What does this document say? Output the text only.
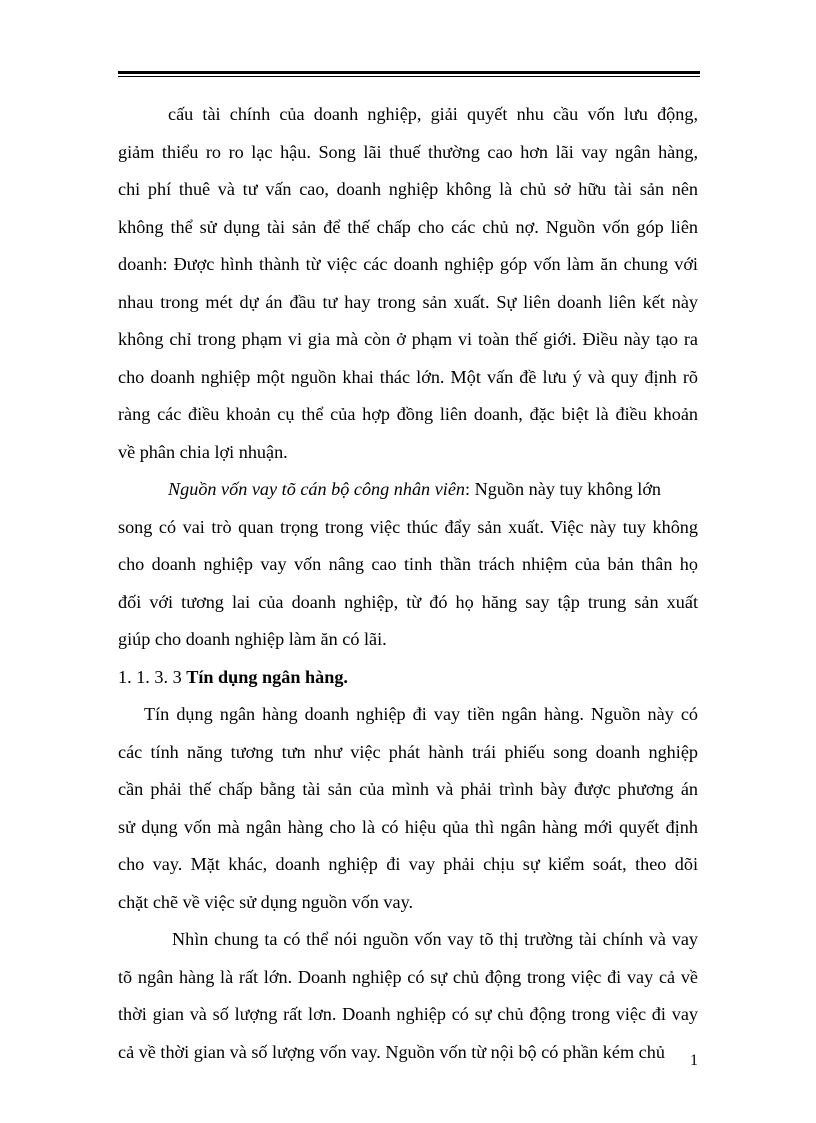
cấu tài chính của doanh nghiệp, giải quyết nhu cầu vốn lưu động,
giảm thiểu ro ro lạc hậu. Song lãi thuế thường cao hơn lãi vay ngân hàng,
chi phí thuê và tư vấn cao, doanh nghiệp không là chủ sở hữu tài sản nên
không thể sử dụng tài sản để thế chấp cho các chủ nợ. Nguồn vốn góp liên
doanh: Được hình thành từ việc các doanh nghiệp góp vốn làm ăn chung với
nhau trong mét dự án đầu tư hay trong sản xuất. Sự liên doanh liên kết này
không chỉ trong phạm vi gia mà còn ở phạm vi toàn thế giới. Điều này tạo ra
cho doanh nghiệp một nguồn khai thác lớn. Một vấn đề lưu ý và quy định rõ
ràng các điều khoản cụ thể của hợp đồng liên doanh, đặc biệt là điều khoản
về phân chia lợi nhuận.
Nguồn vốn vay tõ cán bộ công nhân viên: Nguồn này tuy không lớn
song có vai trò quan trọng trong việc thúc đẩy sản xuất. Việc này tuy không
cho doanh nghiệp vay vốn nâng cao tinh thần trách nhiệm của bản thân họ
đối với tương lai của doanh nghiệp, từ đó họ hăng say tập trung sản xuất
giúp cho doanh nghiệp làm ăn có lãi.
1. 1. 3. 3 Tín dụng ngân hàng.
Tín dụng ngân hàng doanh nghiệp đi vay tiền ngân hàng. Nguồn này có
các tính năng tương tưn như việc phát hành trái phiếu song doanh nghiệp
cần phải thế chấp bằng tài sản của mình và phải trình bày được phương án
sử dụng vốn mà ngân hàng cho là có hiệu qủa thì ngân hàng mới quyết định
cho vay. Mặt khác, doanh nghiệp đi vay phải chịu sự kiểm soát, theo dõi
chặt chẽ về việc sử dụng nguồn vốn vay.
Nhìn chung ta có thể nói nguồn vốn vay tõ thị trường tài chính và vay
tõ ngân hàng là rất lớn. Doanh nghiệp có sự chủ động trong việc đi vay cả về
thời gian và số lượng rất lơn. Doanh nghiệp có sự chủ động trong việc đi vay
cả về thời gian và số lượng vốn vay. Nguồn vốn từ nội bộ có phần kém chủ	1
